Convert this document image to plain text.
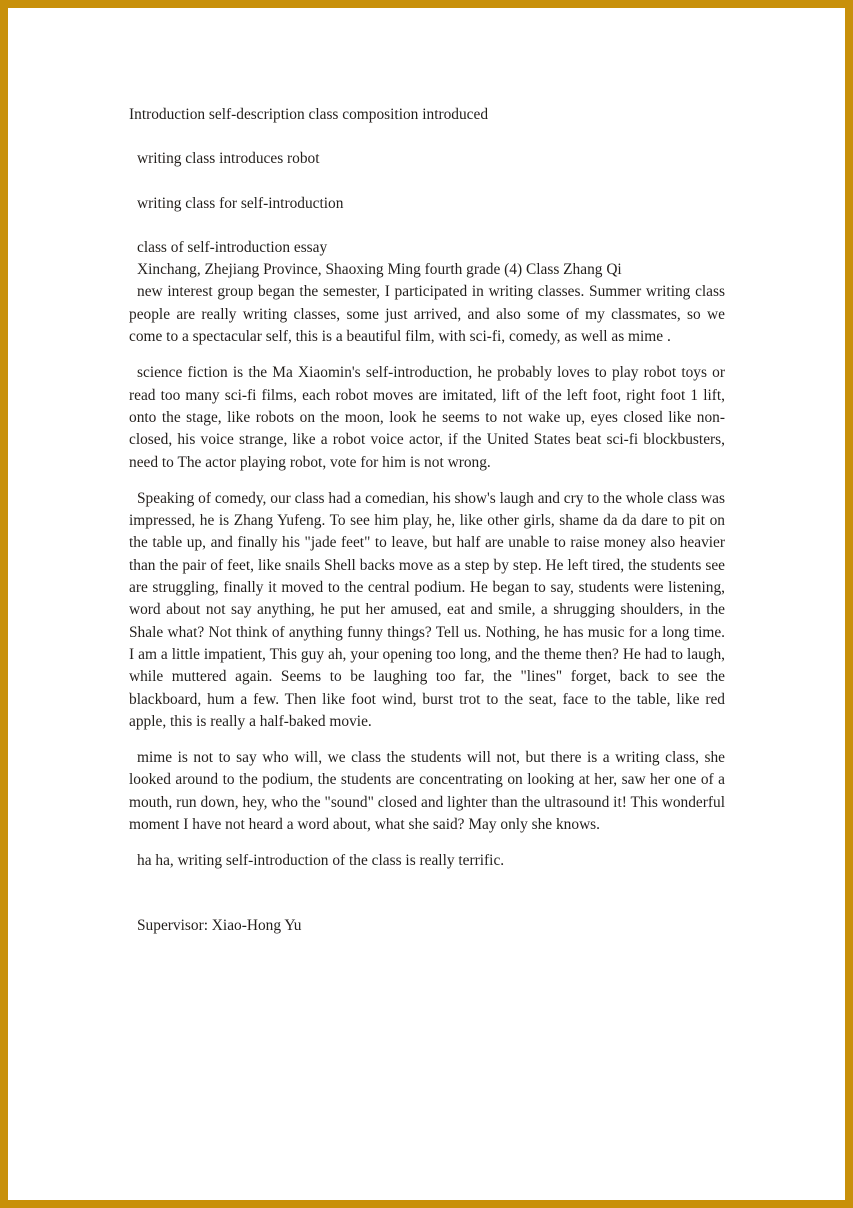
Introduction self-description class composition introduced

writing class introduces robot

writing class for self-introduction

class of self-introduction essay

Xinchang, Zhejiang Province, Shaoxing Ming fourth grade (4) Class Zhang Qi

new interest group began the semester, I participated in writing classes. Summer writing class people are really writing classes, some just arrived, and also some of my classmates, so we come to a spectacular self, this is a beautiful film, with sci-fi, comedy, as well as mime .

science fiction is the Ma Xiaomin's self-introduction, he probably loves to play robot toys or read too many sci-fi films, each robot moves are imitated, lift of the left foot, right foot 1 lift, onto the stage, like robots on the moon, look he seems to not wake up, eyes closed like non-closed, his voice strange, like a robot voice actor, if the United States beat sci-fi blockbusters, need to The actor playing robot, vote for him is not wrong.

Speaking of comedy, our class had a comedian, his show's laugh and cry to the whole class was impressed, he is Zhang Yufeng. To see him play, he, like other girls, shame da da dare to pit on the table up, and finally his "jade feet" to leave, but half are unable to raise money also heavier than the pair of feet, like snails Shell backs move as a step by step. He left tired, the students see are struggling, finally it moved to the central podium. He began to say, students were listening, word about not say anything, he put her amused, eat and smile, a shrugging shoulders, in the Shale what? Not think of anything funny things? Tell us. Nothing, he has music for a long time. I am a little impatient, This guy ah, your opening too long, and the theme then? He had to laugh, while muttered again. Seems to be laughing too far, the "lines" forget, back to see the blackboard, hum a few. Then like foot wind, burst trot to the seat, face to the table, like red apple, this is really a half-baked movie.

mime is not to say who will, we class the students will not, but there is a writing class, she looked around to the podium, the students are concentrating on looking at her, saw her one of a mouth, run down, hey, who the "sound" closed and lighter than the ultrasound it! This wonderful moment I have not heard a word about, what she said? May only she knows.

ha ha, writing self-introduction of the class is really terrific.

Supervisor: Xiao-Hong Yu
